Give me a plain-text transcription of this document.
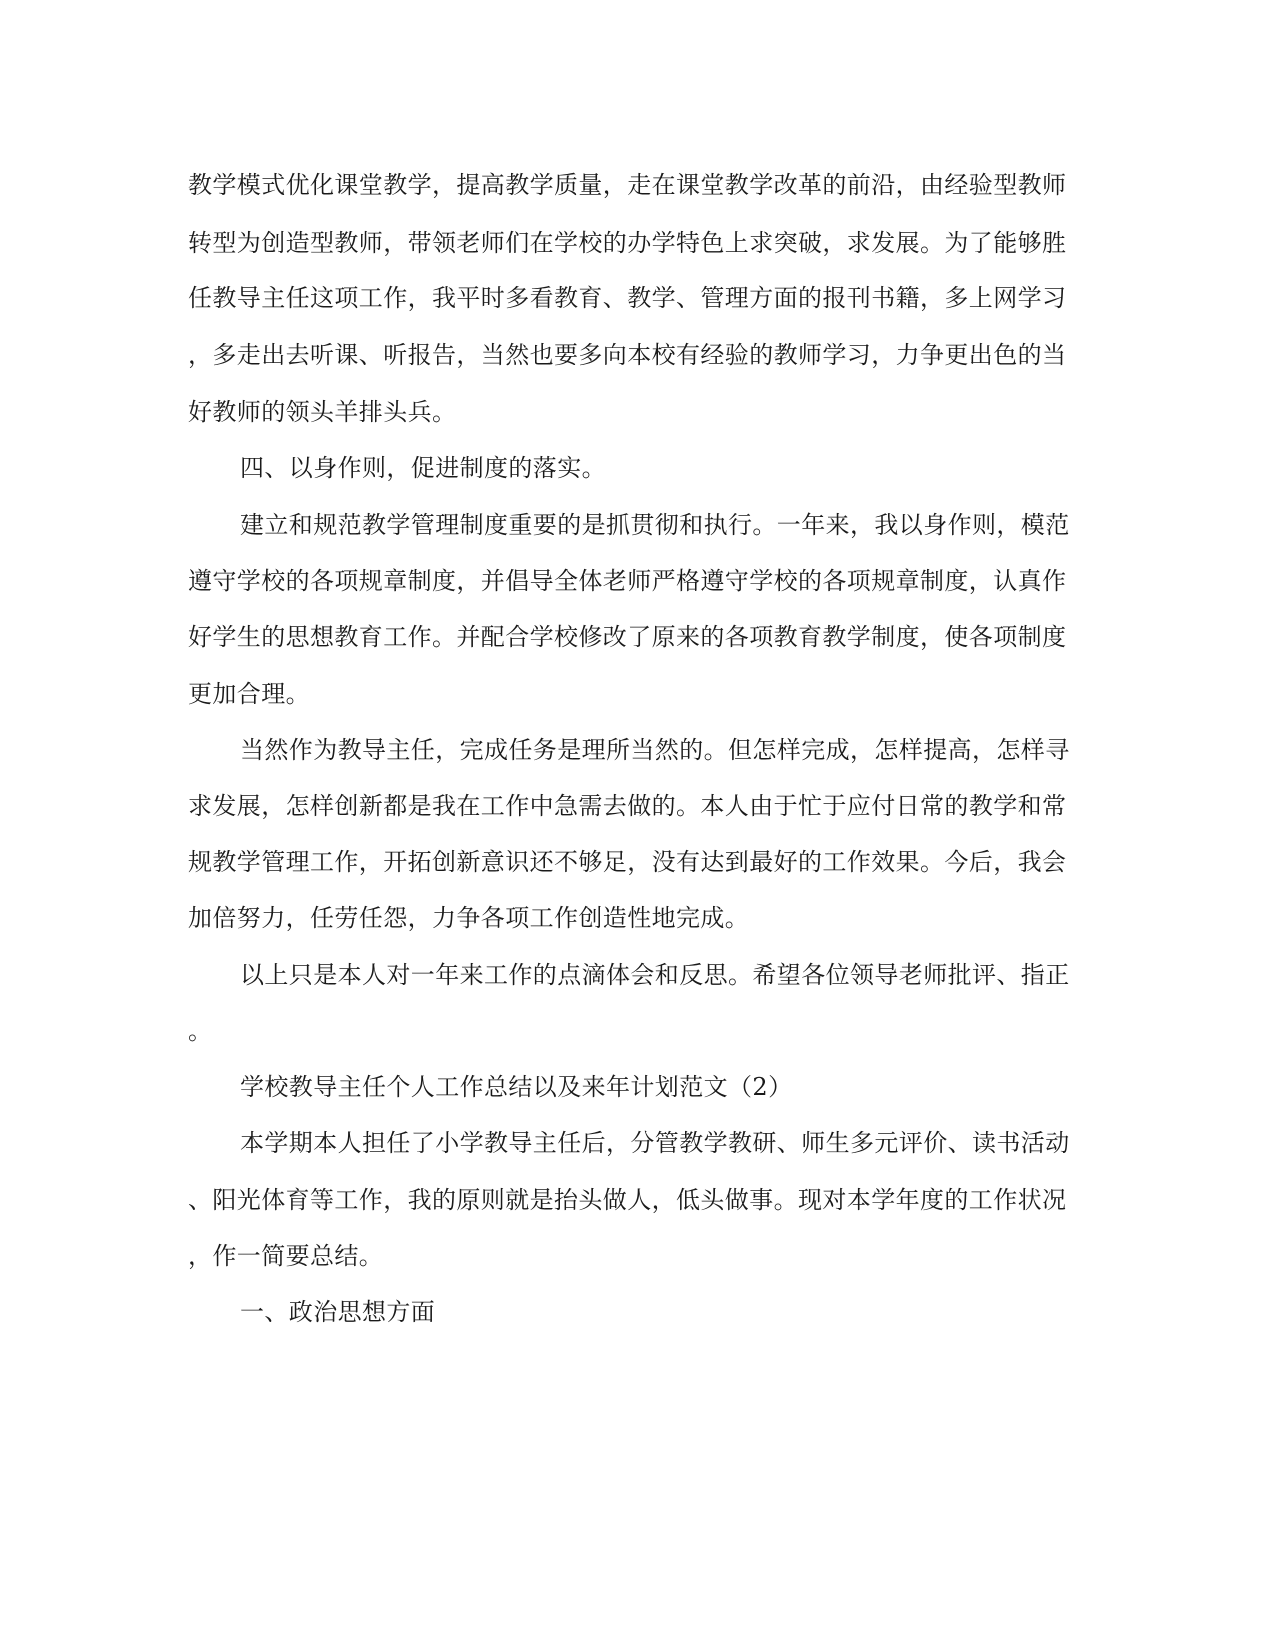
教学模式优化课堂教学，提高教学质量，走在课堂教学改革的前沿，由经验型教师
转型为创造型教师，带领老师们在学校的办学特色上求突破，求发展。为了能够胜
任教导主任这项工作，我平时多看教育、教学、管理方面的报刊书籍，多上网学习
，多走出去听课、听报告，当然也要多向本校有经验的教师学习，力争更出色的当
好教师的领头羊排头兵。
四、以身作则，促进制度的落实。
建立和规范教学管理制度重要的是抓贯彻和执行。一年来，我以身作则，模范
遵守学校的各项规章制度，并倡导全体老师严格遵守学校的各项规章制度，认真作
好学生的思想教育工作。并配合学校修改了原来的各项教育教学制度，使各项制度
更加合理。
当然作为教导主任，完成任务是理所当然的。但怎样完成，怎样提高，怎样寻
求发展，怎样创新都是我在工作中急需去做的。本人由于忙于应付日常的教学和常
规教学管理工作，开拓创新意识还不够足，没有达到最好的工作效果。今后，我会
加倍努力，任劳任怨，力争各项工作创造性地完成。
以上只是本人对一年来工作的点滴体会和反思。希望各位领导老师批评、指正
。
学校教导主任个人工作总结以及来年计划范文（2）
本学期本人担任了小学教导主任后，分管教学教研、师生多元评价、读书活动
、阳光体育等工作，我的原则就是抬头做人，低头做事。现对本学年度的工作状况
，作一简要总结。
一、政治思想方面
